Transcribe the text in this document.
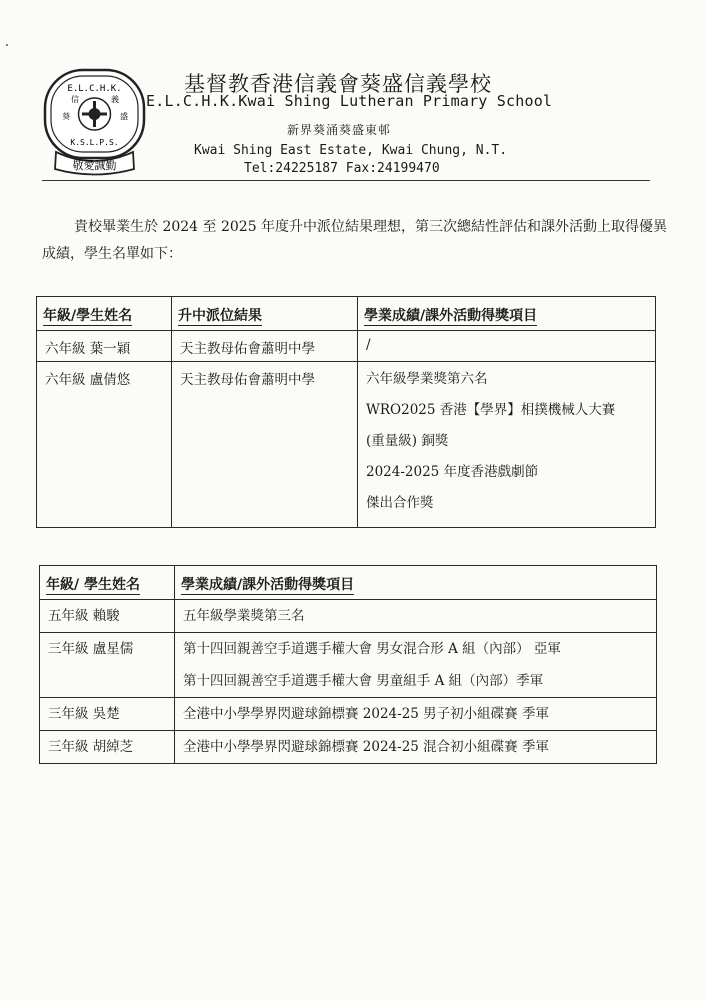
E.L.C.H.K.
K.S.L.P.S.
信	義
葵	盛
敬愛誠勤
基督教香港信義會葵盛信義學校
E.L.C.H.K.Kwai Shing Lutheran Primary School
新界葵涌葵盛東邨
Kwai Shing East Estate, Kwai Chung, N.T.
Tel:24225187 Fax:24199470
貴校畢業生於 2024 至 2025 年度升中派位結果理想，第三次總結性評估和課外活動上取得優異成績，學生名單如下：
年級/學生姓名	升中派位結果	學業成績/課外活動得獎項目
六年級 葉一穎	天主教母佑會蕭明中學	/

六年級 盧倩悠	天主教母佑會蕭明中學	六年級學業獎第六名
WRO2025 香港【學界】相撲機械人大賽
(重量級) 銅獎
2024-2025 年度香港戲劇節
傑出合作獎
年級/ 學生姓名	學業成績/課外活動得獎項目

五年級 賴駿	五年級學業獎第三名

三年級 盧星儒	第十四回親善空手道選手權大會 男女混合形 A 組（內部） 亞軍
第十四回親善空手道選手權大會 男童組手 A 組（內部）季軍

三年級 吳楚	全港中小學學界閃避球錦標賽 2024-25 男子初小組碟賽 季軍

三年級 胡綽芝	全港中小學學界閃避球錦標賽 2024-25 混合初小組碟賽 季軍
